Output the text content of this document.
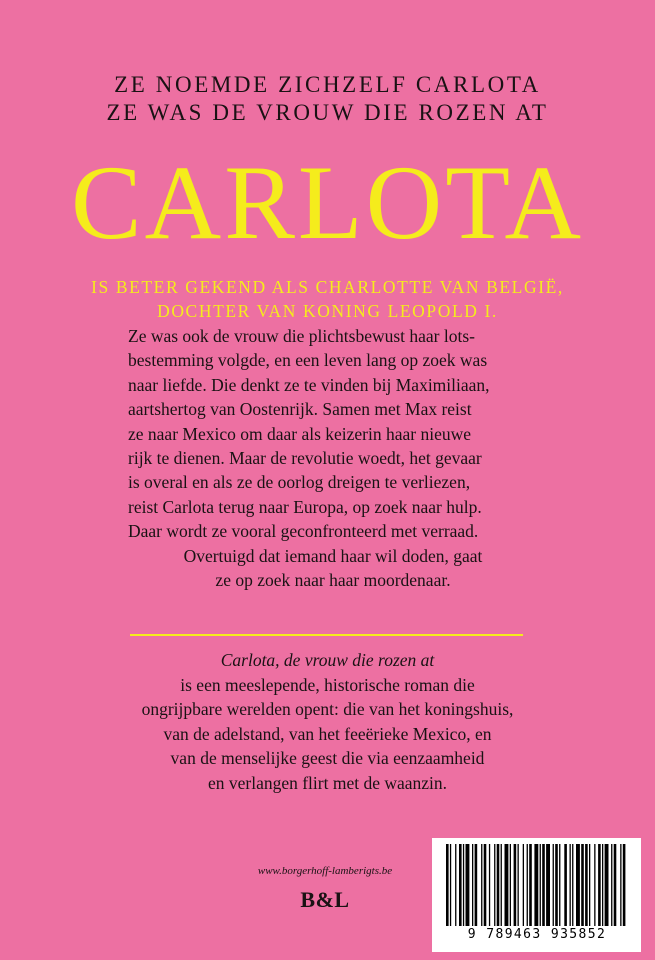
ZE NOEMDE ZICHZELF CARLOTA
ZE WAS DE VROUW DIE ROZEN AT
CARLOTA
IS BETER GEKEND ALS CHARLOTTE VAN BELGIË,
DOCHTER VAN KONING LEOPOLD I.
Ze was ook de vrouw die plichtsbewust haar lots-
bestemming volgde, en een leven lang op zoek was
naar liefde. Die denkt ze te vinden bij Maximiliaan,
aartshertog van Oostenrijk. Samen met Max reist
ze naar Mexico om daar als keizerin haar nieuwe
rijk te dienen. Maar de revolutie woedt, het gevaar
is overal en als ze de oorlog dreigen te verliezen,
reist Carlota terug naar Europa, op zoek naar hulp.
Daar wordt ze vooral geconfronteerd met verraad.
Overtuigd dat iemand haar wil doden, gaat
ze op zoek naar haar moordenaar.
Carlota, de vrouw die rozen at
is een meeslepende, historische roman die
ongrijpbare werelden opent: die van het koningshuis,
van de adelstand, van het feeërieke Mexico, en
van de menselijke geest die via eenzaamheid
en verlangen flirt met de waanzin.
www.borgerhoff-lamberigts.be
B&L
9 789463 935852
